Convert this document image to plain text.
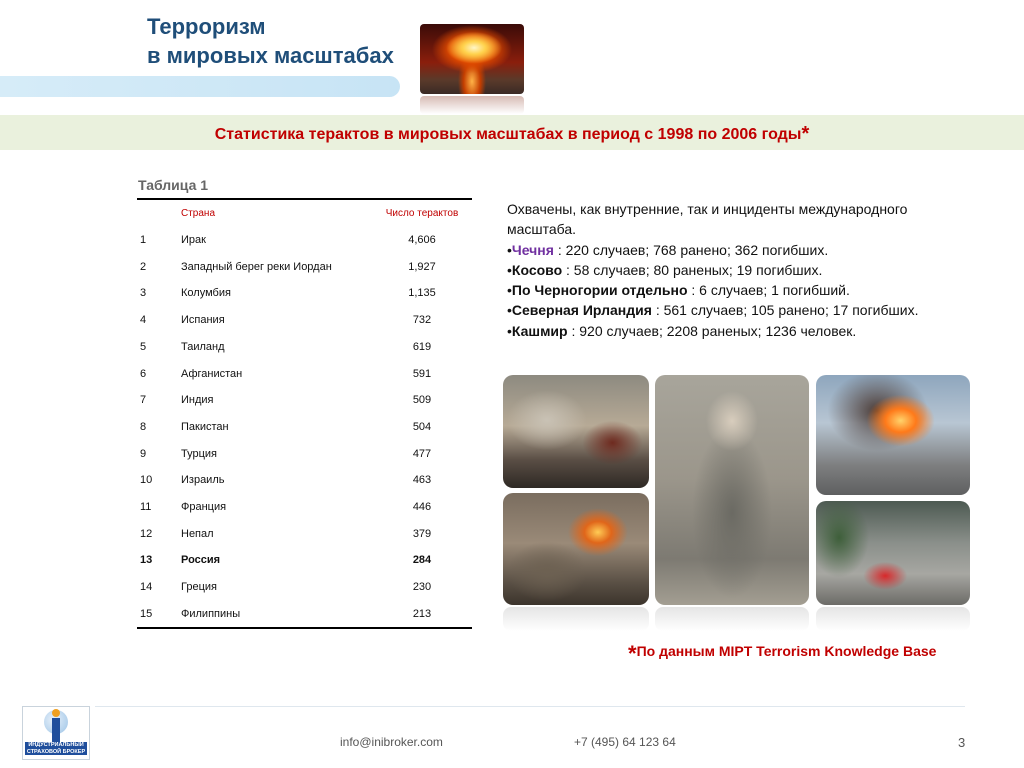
Терроризм
в мировых масштабах
Статистика терактов в мировых масштабах в период с 1998 по 2006 годы*
Таблица 1
Страна	Число терактов
1	Ирак	4,606
2	Западный берег реки Иордан	1,927
3	Колумбия	1,135
4	Испания	732
5	Таиланд	619
6	Афганистан	591
7	Индия	509
8	Пакистан	504
9	Турция	477
10	Израиль	463
11	Франция	446
12	Непал	379
13	Россия	284
14	Греция	230
15	Филиппины	213
Охвачены, как внутренние, так и инциденты международного масштаба.
•Чечня : 220 случаев; 768 ранено; 362 погибших.
•Косово : 58 случаев; 80 раненых; 19 погибших.
•По Черногории отдельно : 6 случаев; 1 погибший.
•Северная Ирландия : 561 случаев; 105 ранено; 17 погибших.
•Кашмир : 920 случаев; 2208 раненых; 1236 человек.
*По данным MIPT Terrorism Knowledge Base
ИНДУСТРИАЛЬНЫЙ СТРАХОВОЙ БРОКЕР
info@inibroker.com	+7 (495) 64 123 64	3
